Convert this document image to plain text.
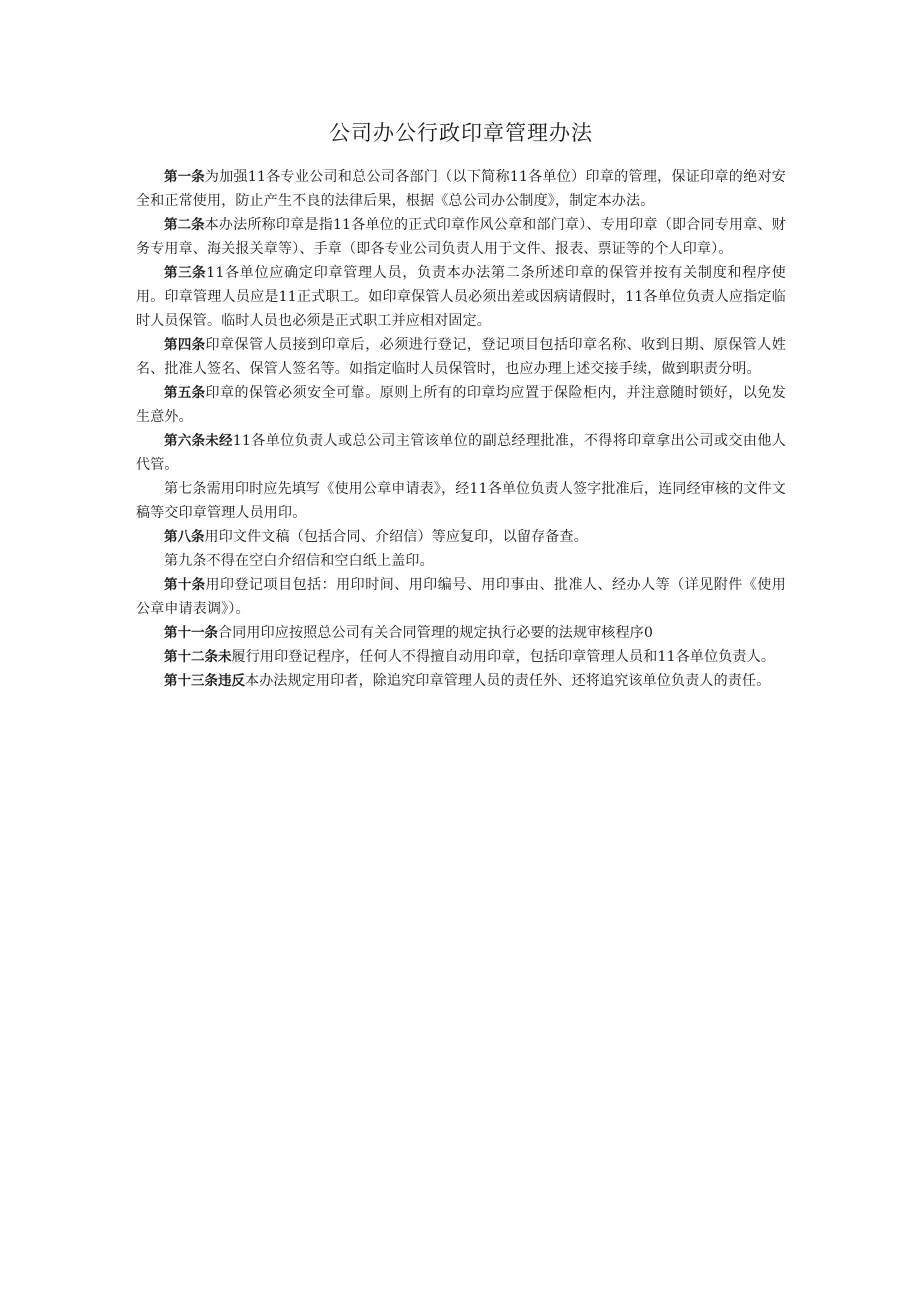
公司办公行政印章管理办法

第一条为加强11各专业公司和总公司各部门（以下简称11各单位）印章的管理，保证印章的绝对安全和正常使用，防止产生不良的法律后果，根据《总公司办公制度》，制定本办法。

第二条本办法所称印章是指11各单位的正式印章作风公章和部门章）、专用印章（即合同专用章、财务专用章、海关报关章等）、手章（即各专业公司负责人用于文件、报表、票证等的个人印章）。

第三条11各单位应确定印章管理人员，负责本办法第二条所述印章的保管并按有关制度和程序使用。印章管理人员应是11正式职工。如印章保管人员必须出差或因病请假时，11各单位负责人应指定临时人员保管。临时人员也必须是正式职工并应相对固定。

第四条印章保管人员接到印章后，必须进行登记，登记项目包括印章名称、收到日期、原保管人姓名、批准人签名、保管人签名等。如指定临时人员保管时，也应办理上述交接手续，做到职责分明。

第五条印章的保管必须安全可靠。原则上所有的印章均应置于保险柜内，并注意随时锁好，以免发生意外。

第六条未经11各单位负责人或总公司主管该单位的副总经理批准，不得将印章拿出公司或交由他人代管。

第七条需用印时应先填写《使用公章申请表》，经11各单位负责人签字批准后，连同经审核的文件文稿等交印章管理人员用印。

第八条用印文件文稿（包括合同、介绍信）等应复印，以留存备查。

第九条不得在空白介绍信和空白纸上盖印。

第十条用印登记项目包括：用印时间、用印编号、用印事由、批准人、经办人等（详见附件《使用公章申请表调》）。

第十一条合同用印应按照总公司有关合同管理的规定执行必要的法规审核程序0

第十二条未履行用印登记程序，任何人不得擅自动用印章，包括印章管理人员和11各单位负责人。

第十三条违反本办法规定用印者，除追究印章管理人员的责任外、还将追究该单位负责人的责任。
